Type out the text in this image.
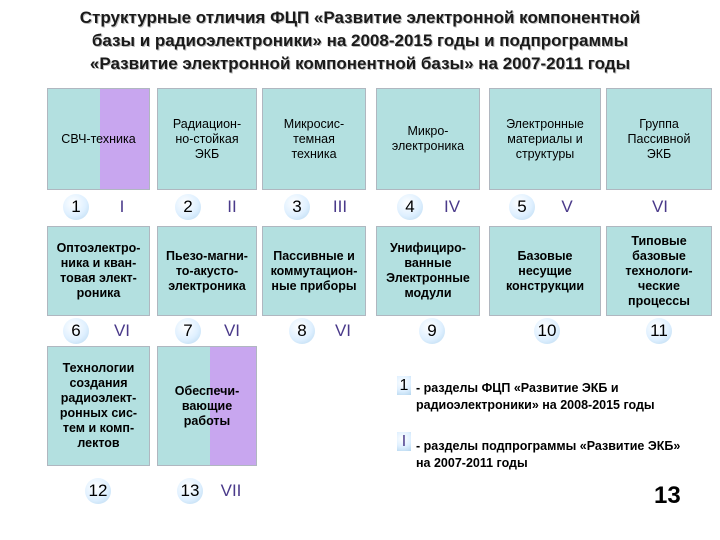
Структурные отличия ФЦП «Развитие электронной компонентной
базы и радиоэлектроники» на 2008-2015 годы и подпрограммы
«Развитие электронной компонентной базы» на 2007-2011 годы
СВЧ-техника
Радиацион-
но-стойкая
ЭКБ
Микросис-
темная
техника
Микро-
электроника
Электронные
материалы и
структуры
Группа
Пассивной
ЭКБ
1 I	2 II	3 III	4 IV	5 V	VI
Оптоэлектро-
ника и кван-
товая элект-
роника
Пьезо-магни-
то-акусто-
электроника
Пассивные и
коммутацион-
ные приборы
Унифициро-
ванные
Электронные
модули
Базовые
несущие
конструкции
Типовые
базовые
технологи-
ческие
процессы
6 VI	7 VI	8 VI	9	10	11
Технологии
создания
радиоэлект-
ронных сис-
тем и комп-
лектов
Обеспечи-
вающие
работы
12	13 VII
1 - разделы ФЦП «Развитие ЭКБ и
радиоэлектроники» на 2008-2015 годы
I - разделы подпрограммы «Развитие ЭКБ»
на 2007-2011 годы
13
